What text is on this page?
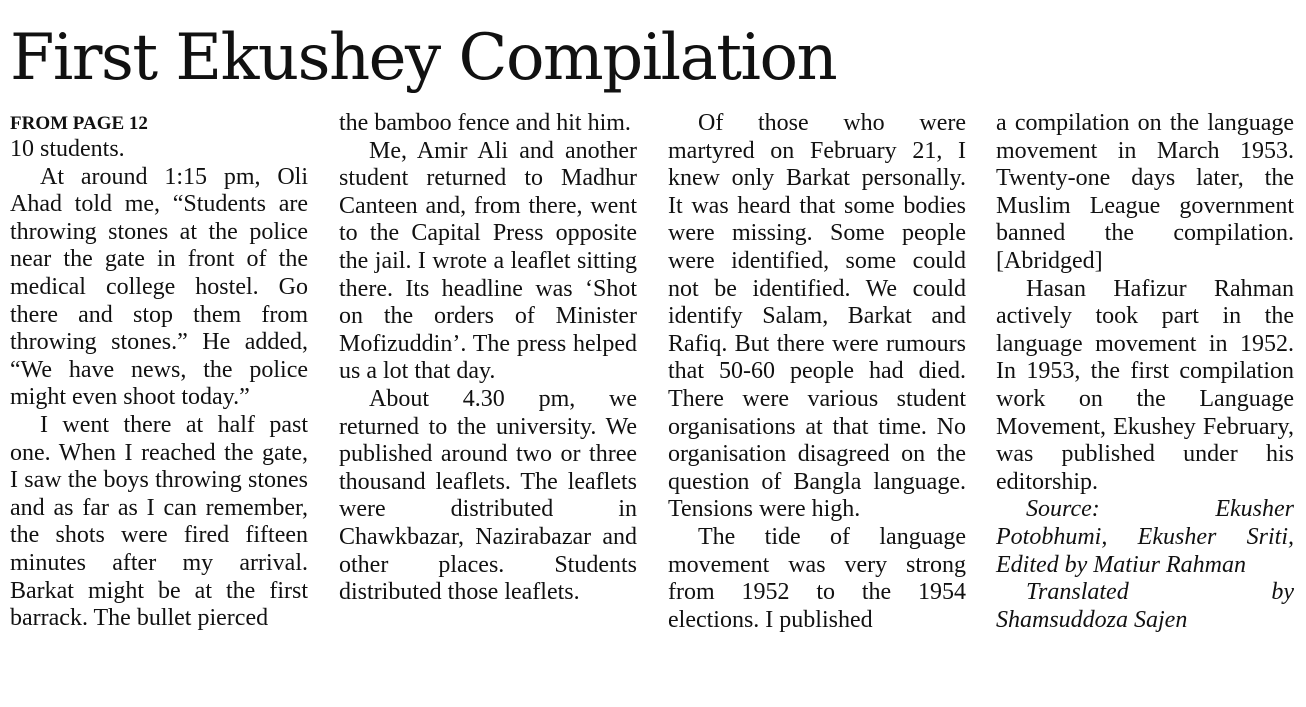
First Ekushey Compilation
FROM PAGE 12

10 students.

At around 1:15 pm, Oli Ahad told me, “Students are throwing stones at the police near the gate in front of the medical college hostel. Go there and stop them from throwing stones.” He added, “We have news, the police might even shoot today.”

I went there at half past one. When I reached the gate, I saw the boys throwing stones and as far as I can remember, the shots were fired fifteen minutes after my arrival. Barkat might be at the first barrack. The bullet pierced

the bamboo fence and hit him.

Me, Amir Ali and another student returned to Madhur Canteen and, from there, went to the Capital Press opposite the jail. I wrote a leaflet sitting there. Its headline was ‘Shot on the orders of Minister Mofizuddin’. The press helped us a lot that day.

About 4.30 pm, we returned to the university. We published around two or three thousand leaflets. The leaflets were distributed in Chawkbazar, Nazirabazar and other places. Students distributed those leaflets.

Of those who were martyred on February 21, I knew only Barkat personally. It was heard that some bodies were missing. Some people were identified, some could not be identified. We could identify Salam, Barkat and Rafiq. But there were rumours that 50-60 people had died. There were various student organisations at that time. No organisation disagreed on the question of Bangla language. Tensions were high.

The tide of language movement was very strong from 1952 to the 1954 elections. I published

a compilation on the language movement in March 1953. Twenty-one days later, the Muslim League government banned the compilation. [Abridged]

Hasan Hafizur Rahman actively took part in the language movement in 1952. In 1953, the first compilation work on the Language Movement, Ekushey February, was published under his editorship.

Source: Ekusher Potobhumi, Ekusher Sriti, Edited by Matiur Rahman

Translated by Shamsuddoza Sajen
